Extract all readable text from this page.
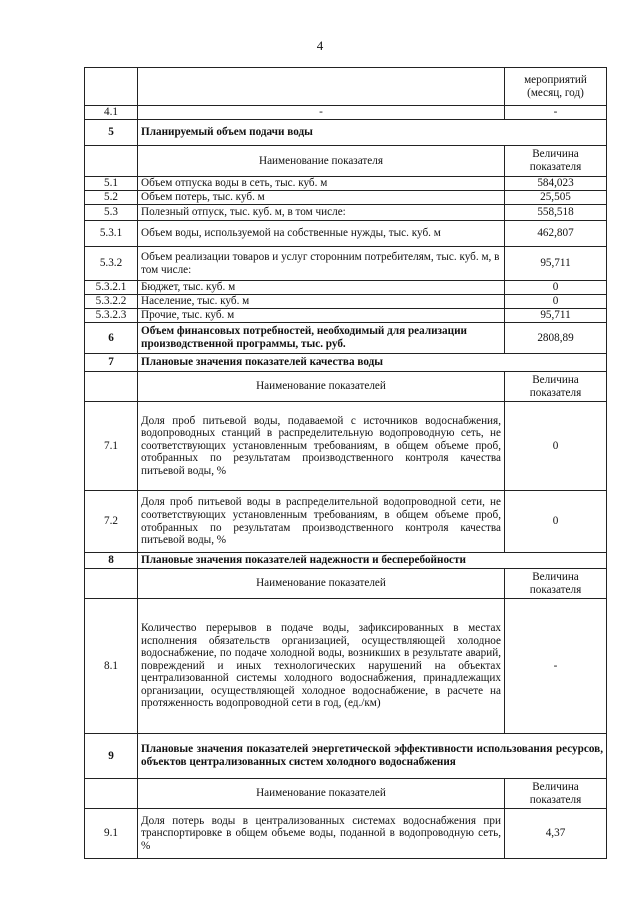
4
		мероприятий (месяц, год)
4.1	-	-
5	Планируемый объем подачи воды	
	Наименование показателя	Величина показателя
5.1	Объем отпуска воды в сеть, тыс. куб. м	584,023
5.2	Объем потерь, тыс. куб. м	25,505
5.3	Полезный отпуск, тыс. куб. м, в том числе:	558,518
5.3.1	Объем воды, используемой на собственные нужды, тыс. куб. м	462,807
5.3.2	Объем реализации товаров и услуг сторонним потребителям, тыс. куб. м, в том числе:	95,711
5.3.2.1	Бюджет, тыс. куб. м	0
5.3.2.2	Население, тыс. куб. м	0
5.3.2.3	Прочие, тыс. куб. м	95,711
6	Объем финансовых потребностей, необходимый для реализации производственной программы, тыс. руб.	2808,89
7	Плановые значения показателей качества воды	
	Наименование показателей	Величина показателя
7.1	Доля проб питьевой воды, подаваемой с источников водоснабжения, водопроводных станций в распределительную водопроводную сеть, не соответствующих установленным требованиям, в общем объеме проб, отобранных по результатам производственного контроля качества питьевой воды, %	0
7.2	Доля проб питьевой воды в распределительной водопроводной сети, не соответствующих установленным требованиям, в общем объеме проб, отобранных по результатам производственного контроля качества питьевой воды, %	0
8	Плановые значения показателей надежности и бесперебойности	
	Наименование показателей	Величина показателя
8.1	Количество перерывов в подаче воды, зафиксированных в местах исполнения обязательств организацией, осуществляющей холодное водоснабжение, по подаче холодной воды, возникших в результате аварий, повреждений и иных технологических нарушений на объектах централизованной системы холодного водоснабжения, принадлежащих организации, осуществляющей холодное водоснабжение, в расчете на протяженность водопроводной сети в год, (ед./км)	-
9	Плановые значения показателей энергетической эффективности использования ресурсов, объектов централизованных систем холодного водоснабжения	
	Наименование показателей	Величина показателя
9.1	Доля потерь воды в централизованных системах водоснабжения при транспортировке в общем объеме воды, поданной в водопроводную сеть, %	4,37
